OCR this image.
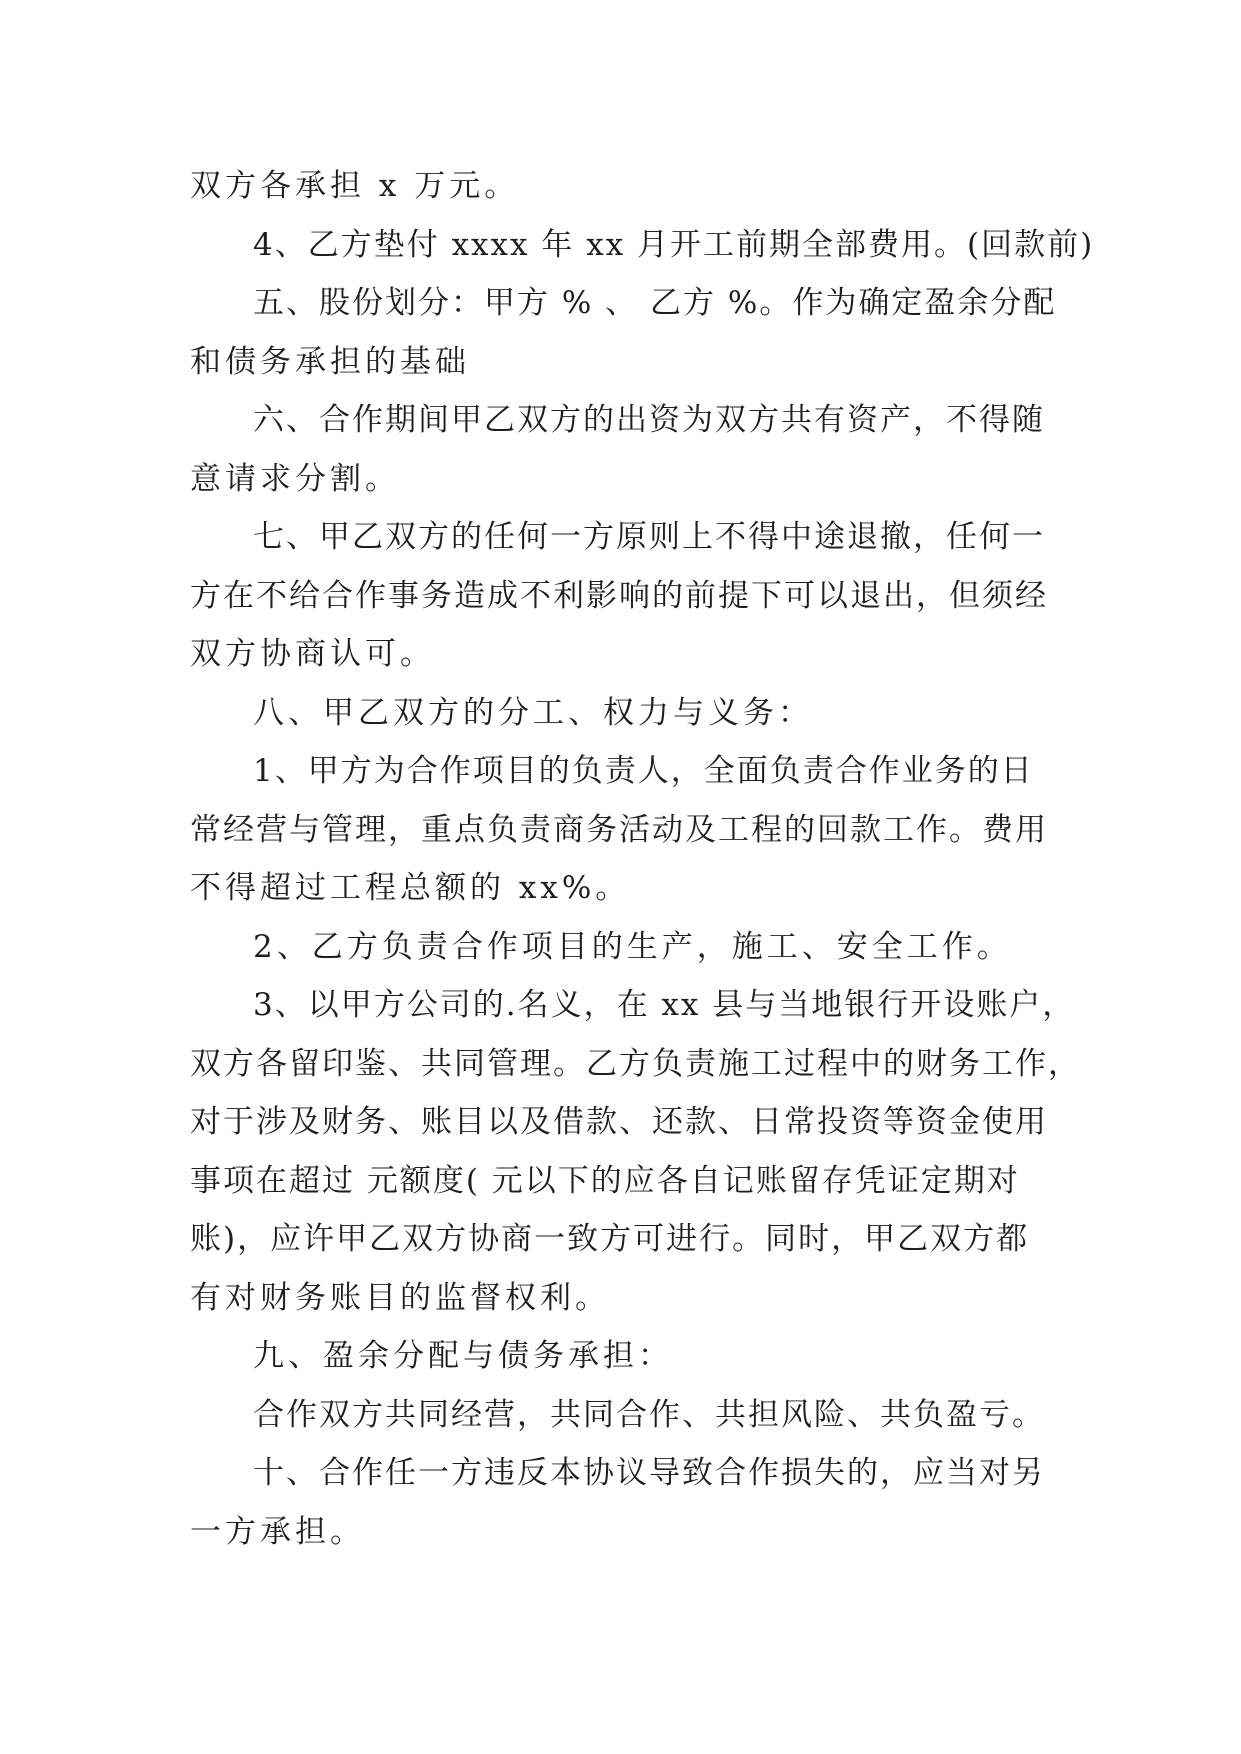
双方各承担 x 万元。
4、乙方垫付 xxxx 年 xx 月开工前期全部费用。(回款前)
五、股份划分：甲方 % 、 乙方 %。作为确定盈余分配
和债务承担的基础
六、合作期间甲乙双方的出资为双方共有资产，不得随
意请求分割。
七、甲乙双方的任何一方原则上不得中途退撤，任何一
方在不给合作事务造成不利影响的前提下可以退出，但须经
双方协商认可。
八、甲乙双方的分工、权力与义务：
1、甲方为合作项目的负责人，全面负责合作业务的日
常经营与管理，重点负责商务活动及工程的回款工作。费用
不得超过工程总额的 xx%。
2、乙方负责合作项目的生产，施工、安全工作。
3、以甲方公司的.名义，在 xx 县与当地银行开设账户，
双方各留印鉴、共同管理。乙方负责施工过程中的财务工作，
对于涉及财务、账目以及借款、还款、日常投资等资金使用
事项在超过 元额度( 元以下的应各自记账留存凭证定期对
账)，应许甲乙双方协商一致方可进行。同时，甲乙双方都
有对财务账目的监督权利。
九、盈余分配与债务承担：
合作双方共同经营，共同合作、共担风险、共负盈亏。
十、合作任一方违反本协议导致合作损失的，应当对另
一方承担。
